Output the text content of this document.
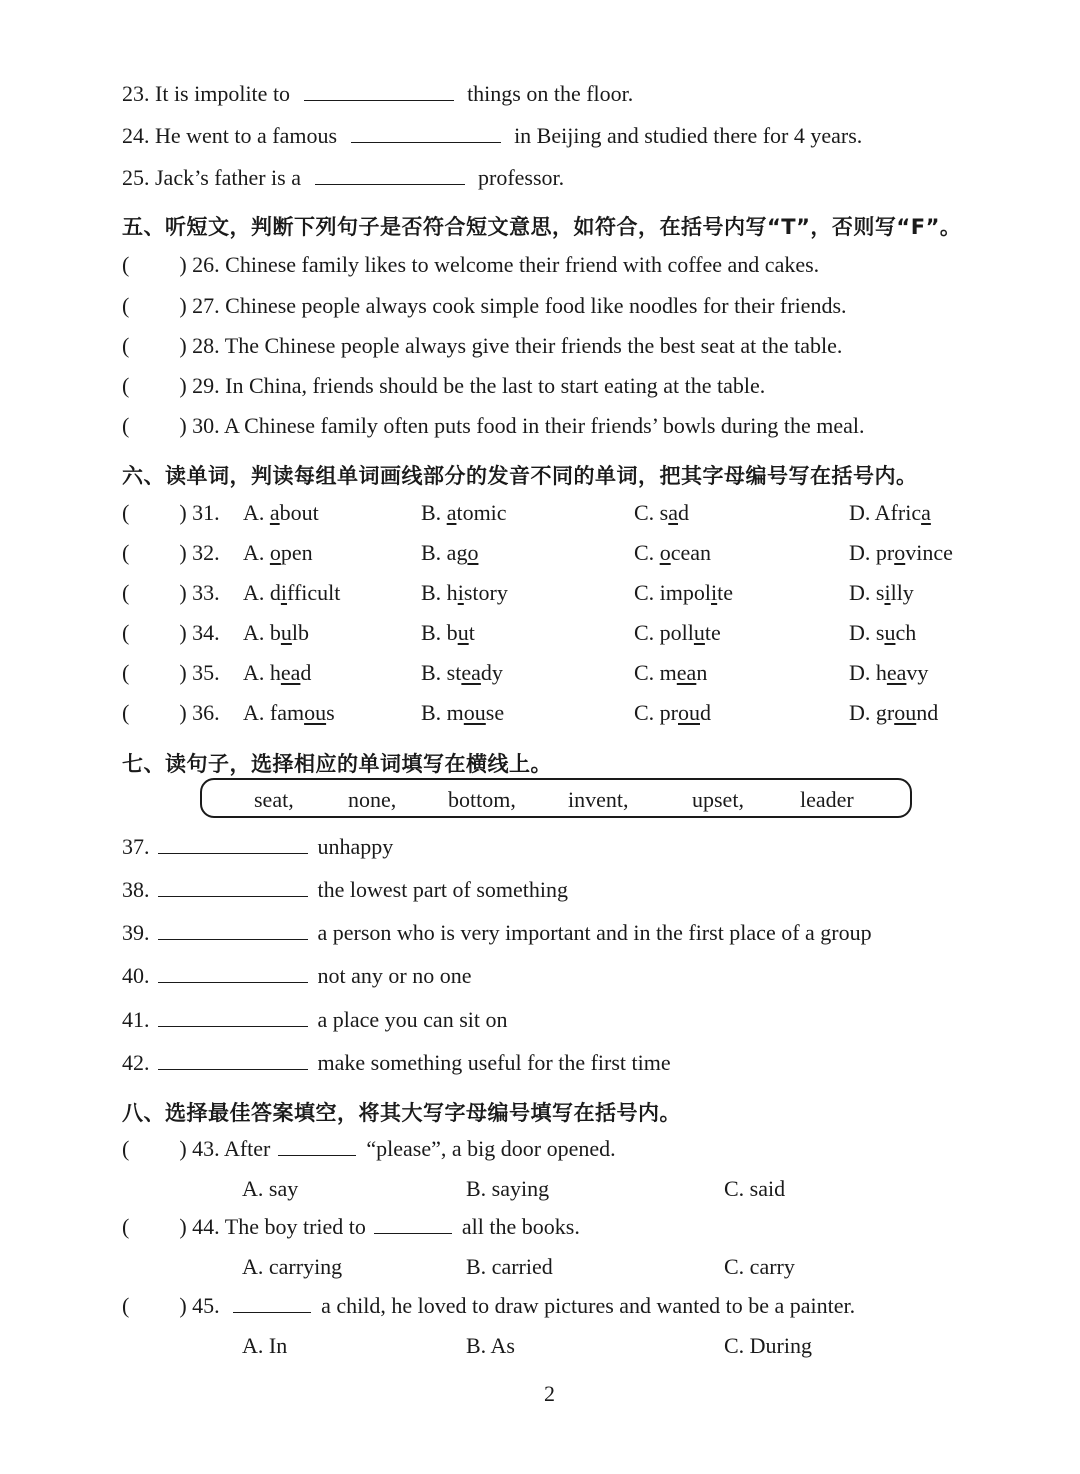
23. It is impolite to	things on the floor.
24. He went to a famous	in Beijing and studied there for 4 years.
25. Jack’s father is a	professor.
五、听短文，判断下列句子是否符合短文意思，如符合，在括号内写“T”，否则写“F”。
( ) 26. Chinese family likes to welcome their friend with coffee and cakes.
( ) 27. Chinese people always cook simple food like noodles for their friends.
( ) 28. The Chinese people always give their friends the best seat at the table.
( ) 29. In China, friends should be the last to start eating at the table.
( ) 30. A Chinese family often puts food in their friends’ bowls during the meal.
六、读单词，判读每组单词画线部分的发音不同的单词，把其字母编号写在括号内。
( ) 31. A. about	B. atomic	C. sad	D. Africa
( ) 32. A. open	B. ago	C. ocean	D. province
( ) 33. A. difficult	B. history	C. impolite	D. silly
( ) 34. A. bulb	B. but	C. pollute	D. such
( ) 35. A. head	B. steady	C. mean	D. heavy
( ) 36. A. famous	B. mouse	C. proud	D. ground
七、读句子，选择相应的单词填写在横线上。
seat, none, bottom, invent,	upset,	leader
37.	unhappy
38.	the lowest part of something
39.	a person who is very important and in the first place of a group
40.	not any or no one
41.	a place you can sit on
42.	make something useful for the first time
八、选择最佳答案填空，将其大写字母编号填写在括号内。
( ) 43. After	“please”, a big door opened.
A. say	B. saying	C. said
( ) 44. The boy tried to	all the books.
A. carrying	B. carried	C. carry
( ) 45.	a child, he loved to draw pictures and wanted to be a painter.
A. In	B. As	C. During
2
